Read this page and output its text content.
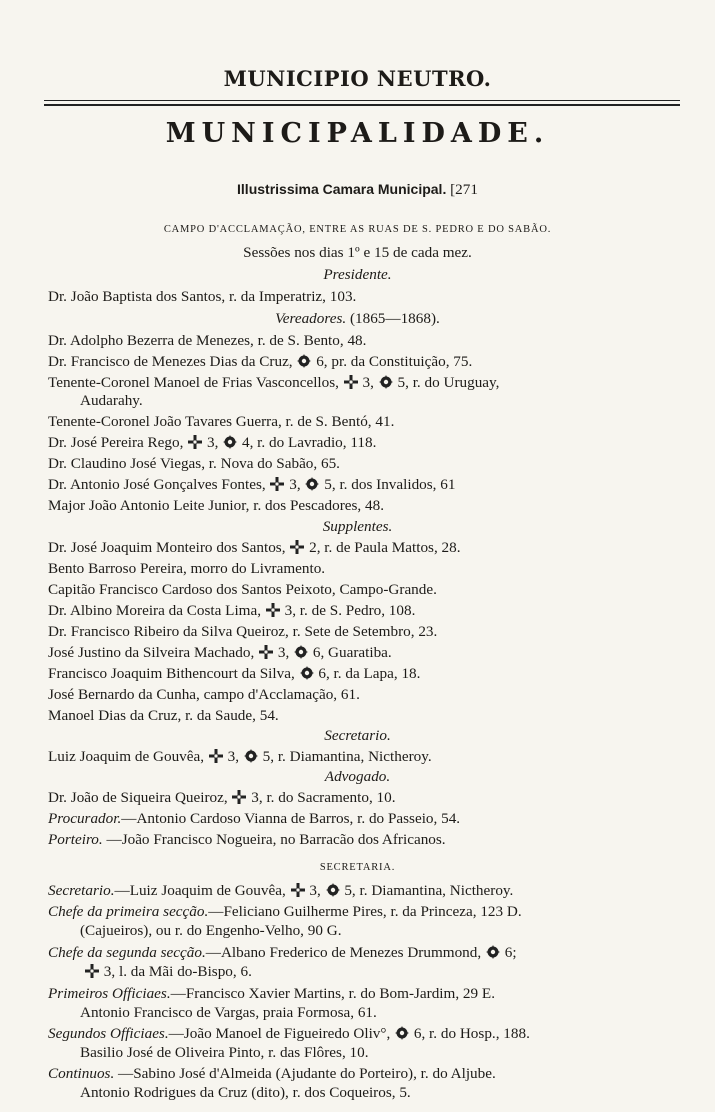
MUNICIPIO NEUTRO.
MUNICIPALIDADE.
Illustrissima Camara Municipal. [271
CAMPO D'ACCLAMAÇÃO, ENTRE AS RUAS DE S. PEDRO E DO SABÃO.
Sessões nos dias 1º e 15 de cada mez.
Presidente.
Dr. João Baptista dos Santos, r. da Imperatriz, 103.
Vereadores. (1865—1868).
Dr. Adolpho Bezerra de Menezes, r. de S. Bento, 48.
Dr. Francisco de Menezes Dias da Cruz, 6, pr. da Constituição, 75.
Tenente-Coronel Manoel de Frias Vasconcellos, 3, 5, r. do Uruguay,
Audarahy.
Tenente-Coronel João Tavares Guerra, r. de S. Bentó, 41.
Dr. José Pereira Rego, 3, 4, r. do Lavradio, 118.
Dr. Claudino José Viegas, r. Nova do Sabão, 65.
Dr. Antonio José Gonçalves Fontes, 3, 5, r. dos Invalidos, 61
Major João Antonio Leite Junior, r. dos Pescadores, 48.
Supplentes.
Dr. José Joaquim Monteiro dos Santos, 2, r. de Paula Mattos, 28.
Bento Barroso Pereira, morro do Livramento.
Capitão Francisco Cardoso dos Santos Peixoto, Campo-Grande.
Dr. Albino Moreira da Costa Lima, 3, r. de S. Pedro, 108.
Dr. Francisco Ribeiro da Silva Queiroz, r. Sete de Setembro, 23.
José Justino da Silveira Machado, 3, 6, Guaratiba.
Francisco Joaquim Bithencourt da Silva, 6, r. da Lapa, 18.
José Bernardo da Cunha, campo d'Acclamação, 61.
Manoel Dias da Cruz, r. da Saude, 54.
Secretario.
Luiz Joaquim de Gouvêa, 3, 5, r. Diamantina, Nictheroy.
Advogado.
Dr. João de Siqueira Queiroz, 3, r. do Sacramento, 10.
Procurador.—Antonio Cardoso Vianna de Barros, r. do Passeio, 54.
Porteiro. —João Francisco Nogueira, no Barracão dos Africanos.
SECRETARIA.
Secretario.—Luiz Joaquim de Gouvêa, 3, 5, r. Diamantina, Nictheroy.
Chefe da primeira secção.—Feliciano Guilherme Pires, r. da Princeza, 123 D.
(Cajueiros), ou r. do Engenho-Velho, 90 G.
Chefe da segunda secção.—Albano Frederico de Menezes Drummond, 6;
3, l. da Mãi do-Bispo, 6.
Primeiros Officiaes.—Francisco Xavier Martins, r. do Bom-Jardim, 29 E.
Antonio Francisco de Vargas, praia Formosa, 61.
Segundos Officiaes.—João Manoel de Figueiredo Oliv°, 6, r. do Hosp., 188.
Basilio José de Oliveira Pinto, r. das Flôres, 10.
Continuos. —Sabino José d'Almeida (Ajudante do Porteiro), r. do Aljube.
Antonio Rodrigues da Cruz (dito), r. dos Coqueiros, 5.
